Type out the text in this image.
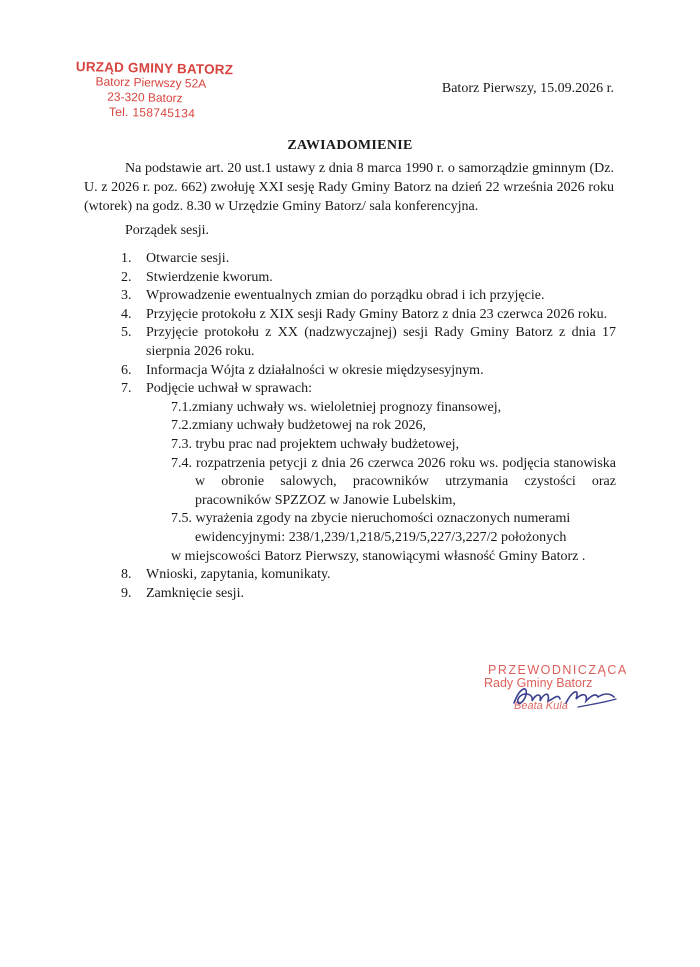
URZĄD GMINY BATORZ
Batorz Pierwszy 52A
23-320 Batorz
Tel. 158745134
Batorz Pierwszy, 15.09.2026 r.
ZAWIADOMIENIE

Na podstawie art. 20 ust.1 ustawy z dnia 8 marca 1990 r. o samorządzie gminnym (Dz. U. z 2026 r. poz. 662) zwołuję XXI sesję Rady Gminy Batorz na dzień 22 września 2026 roku (wtorek) na godz. 8.30 w Urzędzie Gminy Batorz/ sala konferencyjna.

Porządek sesji.
1. Otwarcie sesji.
2. Stwierdzenie kworum.
3. Wprowadzenie ewentualnych zmian do porządku obrad i ich przyjęcie.
4. Przyjęcie protokołu z XIX sesji Rady Gminy Batorz z dnia 23 czerwca 2026 roku.
5. Przyjęcie protokołu z XX (nadzwyczajnej) sesji Rady Gminy Batorz z dnia 17 sierpnia 2026 roku.
6. Informacja Wójta z działalności w okresie międzysesyjnym.
7. Podjęcie uchwał w sprawach:
7.1.zmiany uchwały ws. wieloletniej prognozy finansowej,
7.2.zmiany uchwały budżetowej na rok 2026,
7.3. trybu prac nad projektem uchwały budżetowej,
7.4. rozpatrzenia petycji z dnia 26 czerwca 2026 roku ws. podjęcia stanowiska w obronie salowych, pracowników utrzymania czystości oraz pracowników SPZZOZ w Janowie Lubelskim,
7.5. wyrażenia zgody na zbycie nieruchomości oznaczonych numerami ewidencyjnymi: 238/1,239/1,218/5,219/5,227/3,227/2 położonych
w miejscowości Batorz Pierwszy, stanowiącymi własność Gminy Batorz .
8. Wnioski, zapytania, komunikaty.
9. Zamknięcie sesji.
PRZEWODNICZĄCA
Rady Gminy Batorz
Beata Kula
